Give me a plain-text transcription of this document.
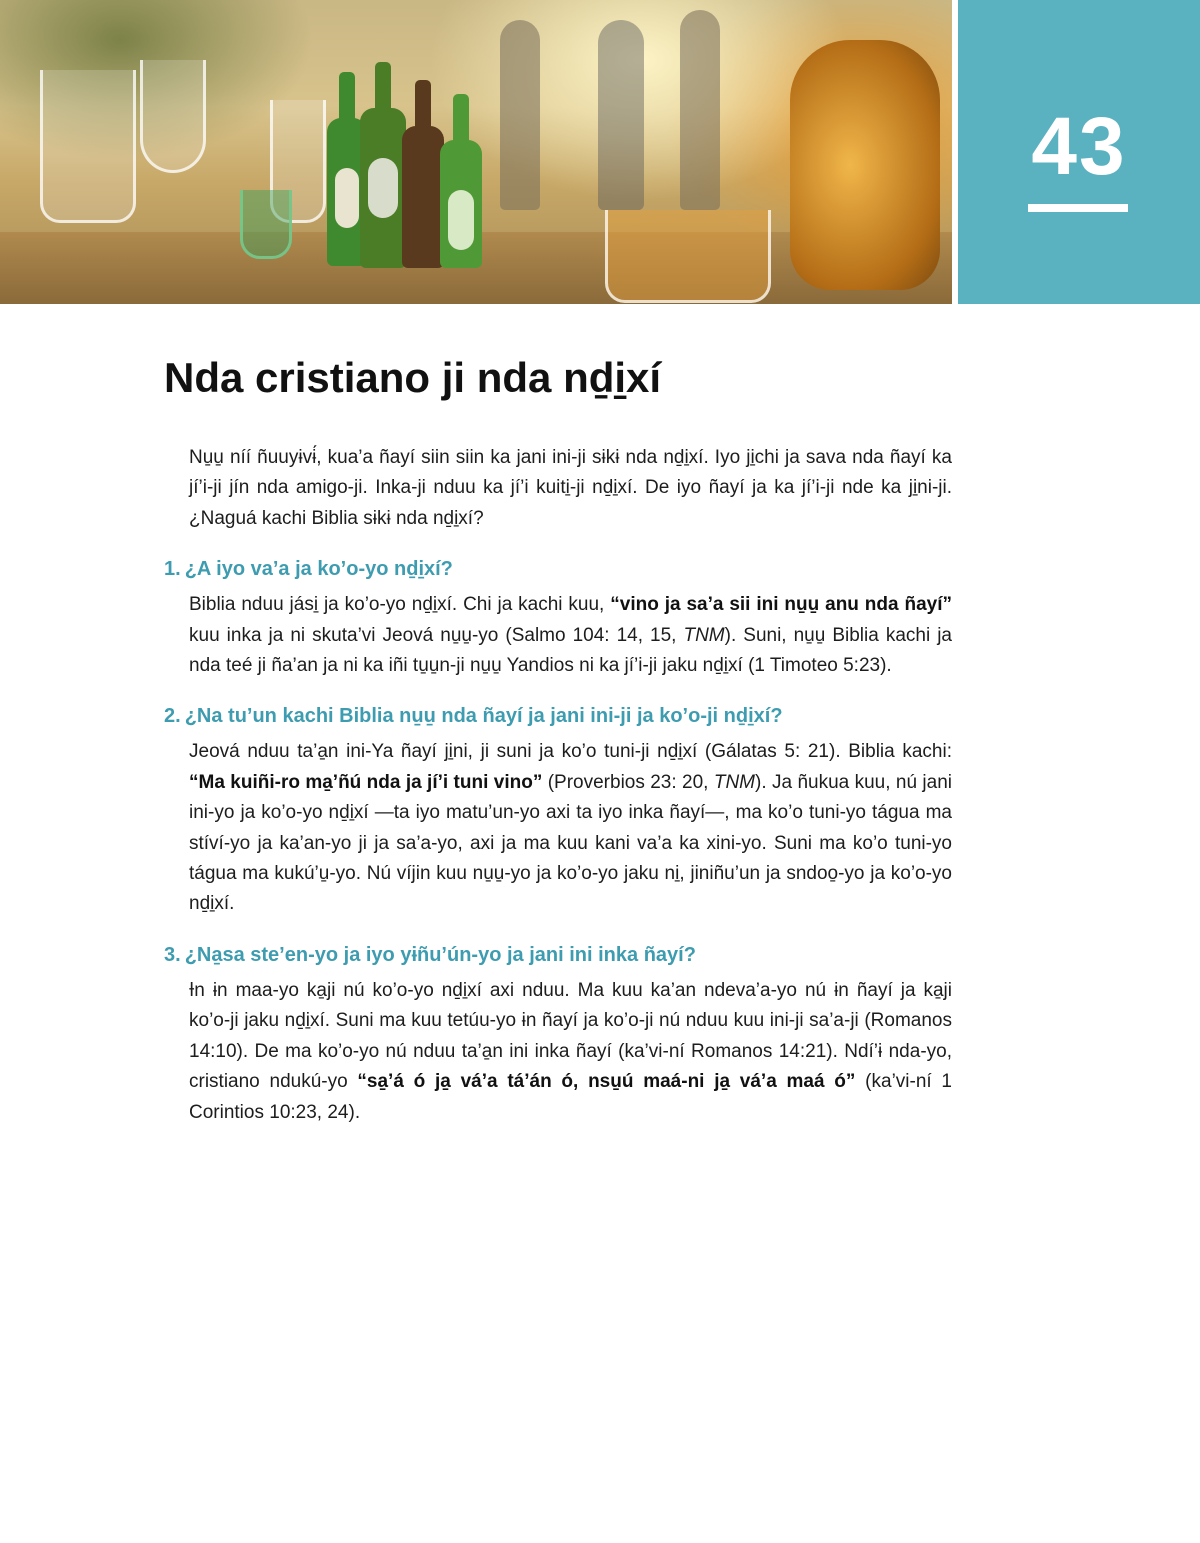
43
Nda cristiano ji nda nḏi̱xí

Nu̱u̱ níí ñuuyɨvɨ́, kua’a ñayí siin siin ka jani ini-ji sɨkɨ nda nḏi̱xí. Iyo ji̱chi ja sava nda ñayí ka jí’i-ji jín nda amigo-ji. Inka-ji nduu ka jí’i kuiti̱-ji nḏi̱xí. De iyo ñayí ja ka jí’i-ji nde ka ji̱ni-ji. ¿Naguá kachi Biblia sɨkɨ nda nḏi̱xí?

1. ¿A iyo va’a ja ko’o-yo nḏi̱xí?

Biblia nduu jási̱ ja ko’o-yo nḏi̱xí. Chi ja kachi kuu, “vino ja sa’a sii ini nu̱u̱ anu nda ñayí” kuu inka ja ni skuta’vi Jeová nu̱u̱-yo (Salmo 104: 14, 15, TNM). Suni, nu̱u̱ Biblia kachi ja nda teé ji ña’an ja ni ka iñi tu̱u̱n-ji nu̱u̱ Yandios ni ka jí’i-ji jaku nḏi̱xí (1 Timoteo 5:23).

2. ¿Na tu’un kachi Biblia nu̱u̱ nda ñayí ja jani ini-ji ja ko’o-ji nḏi̱xí?

Jeová nduu ta’a̱n ini-Ya ñayí ji̱ni, ji suni ja ko’o tuni-ji nḏi̱xí (Gálatas 5: 21). Biblia kachi: “Ma kuiñi-ro ma̱’ñú nda ja jí’i tuni vino” (Proverbios 23: 20, TNM). Ja ñukua kuu, nú jani ini-yo ja ko’o-yo nḏi̱xí —ta iyo matu’un-yo axi ta iyo inka ñayí—, ma ko’o tuni-yo tágua ma stíví-yo ja ka’an-yo ji ja sa’a-yo, axi ja ma kuu kani va’a ka xini-yo. Suni ma ko’o tuni-yo tágua ma kukú’u̱-yo. Nú víjin kuu nu̱u̱-yo ja ko’o-yo jaku ni̱, jiniñu’un ja sndoo̱-yo ja ko’o-yo nḏi̱xí.

3. ¿Na̱sa ste’en-yo ja iyo yɨñu’ún-yo ja jani ini inka ñayí?

Ɨn ɨn maa-yo ka̱ji nú ko’o-yo nḏi̱xí axi nduu. Ma kuu ka’an ndeva’a-yo nú ɨn ñayí ja ka̱ji ko’o-ji jaku nḏi̱xí. Suni ma kuu tetúu-yo ɨn ñayí ja ko’o-ji nú nduu kuu ini-ji sa’a-ji (Romanos 14:10). De ma ko’o-yo nú nduu ta’a̱n ini inka ñayí (ka’vi-ní Romanos 14:21). Ndí’ɨ nda-yo, cristiano ndukú-yo “sa̱’á ó ja̱ vá’a tá’án ó, nsu̱ú maá-ni ja̱ vá’a maá ó” (ka’vi-ní 1 Corintios 10:23, 24).
